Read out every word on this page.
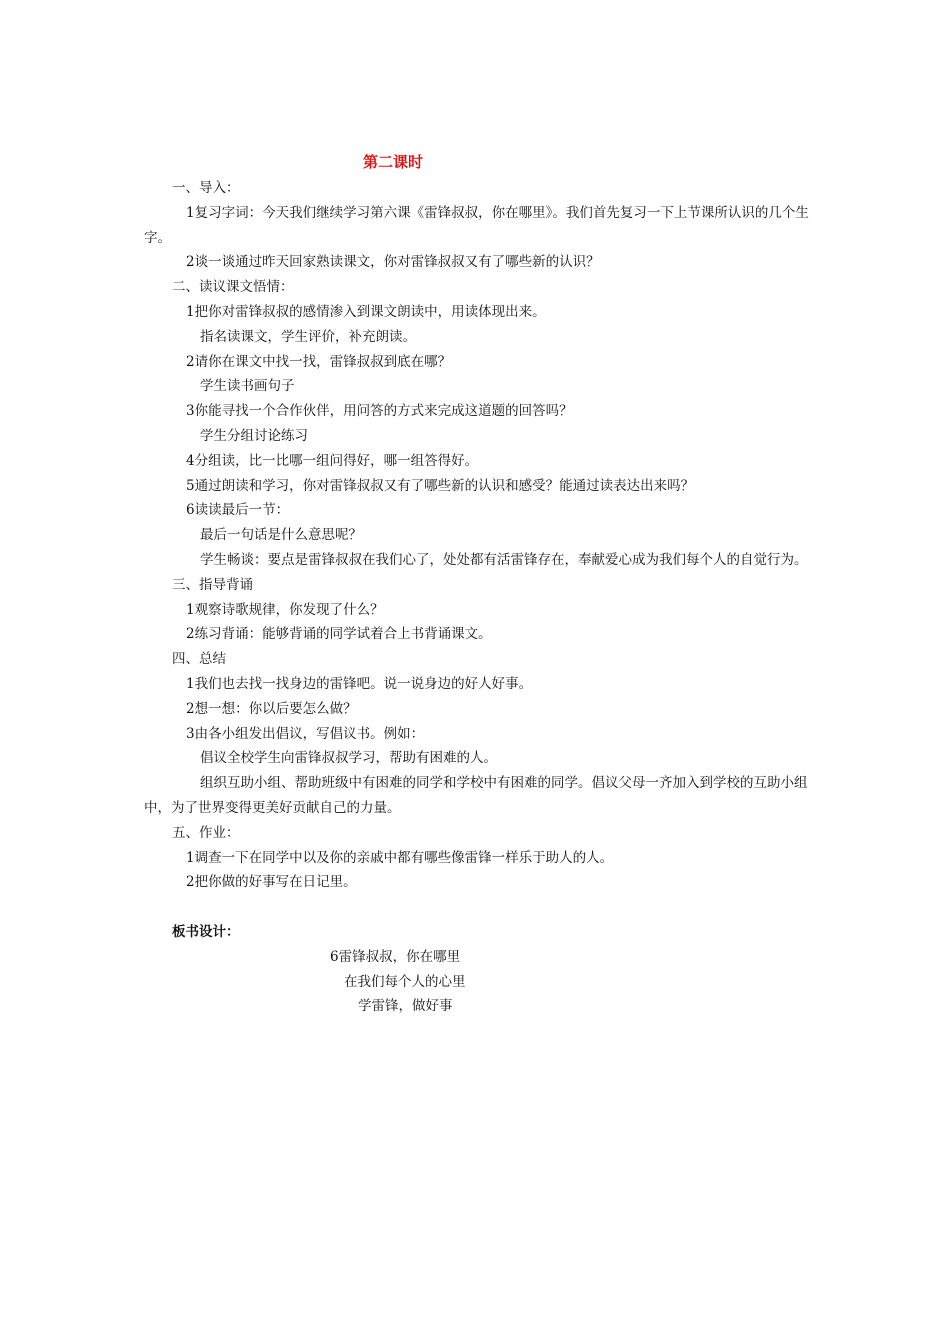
第二课时
一、导入：
1复习字词：今天我们继续学习第六课《雷锋叔叔，你在哪里》。我们首先复习一下上节课所认识的几个生字。
2谈一谈通过昨天回家熟读课文，你对雷锋叔叔又有了哪些新的认识？
二、读议课文悟情：
1把你对雷锋叔叔的感情渗入到课文朗读中，用读体现出来。
指名读课文，学生评价，补充朗读。
2请你在课文中找一找，雷锋叔叔到底在哪？
学生读书画句子
3你能寻找一个合作伙伴，用问答的方式来完成这道题的回答吗？
学生分组讨论练习
4分组读，比一比哪一组问得好，哪一组答得好。
5通过朗读和学习，你对雷锋叔叔又有了哪些新的认识和感受？能通过读表达出来吗？
6读读最后一节：
最后一句话是什么意思呢？
学生畅谈：要点是雷锋叔叔在我们心了，处处都有活雷锋存在，奉献爱心成为我们每个人的自觉行为。
三、指导背诵
1观察诗歌规律，你发现了什么？
2练习背诵：能够背诵的同学试着合上书背诵课文。
四、总结
1我们也去找一找身边的雷锋吧。说一说身边的好人好事。
2想一想：你以后要怎么做？
3由各小组发出倡议，写倡议书。例如：
倡议全校学生向雷锋叔叔学习，帮助有困难的人。
组织互助小组、帮助班级中有困难的同学和学校中有困难的同学。倡议父母一齐加入到学校的互助小组中，为了世界变得更美好贡献自己的力量。
五、作业：
1调查一下在同学中以及你的亲戚中都有哪些像雷锋一样乐于助人的人。
2把你做的好事写在日记里。
板书设计：
6雷锋叔叔，你在哪里
在我们每个人的心里
学雷锋，做好事
